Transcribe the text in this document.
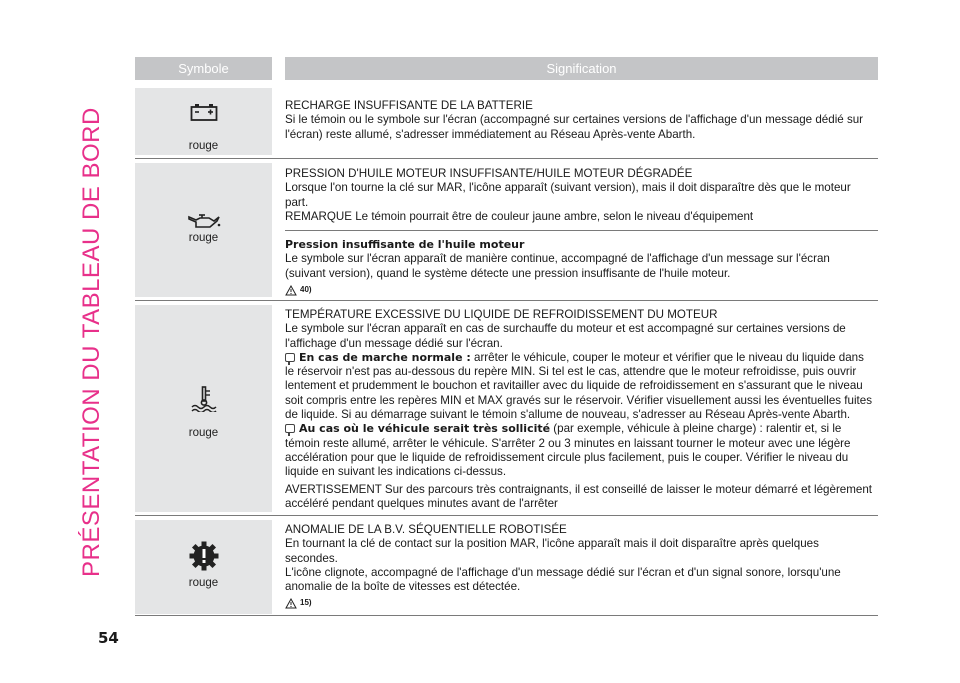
PRÉSENTATION DU TABLEAU DE BORD
Symbole	Signification
rouge

RECHARGE INSUFFISANTE DE LA BATTERIE

Si le témoin ou le symbole sur l'écran (accompagné sur certaines versions de l'affichage d'un message dédié sur

l'écran) reste allumé, s'adresser immédiatement au Réseau Après-vente Abarth.

rouge

PRESSION D'HUILE MOTEUR INSUFFISANTE/HUILE MOTEUR DÉGRADÉE

Lorsque l'on tourne la clé sur MAR, l'icône apparaît (suivant version), mais il doit disparaître dès que le moteur

part.

REMARQUE Le témoin pourrait être de couleur jaune ambre, selon le niveau d'équipement

Pression insuffisante de l'huile moteur

Le symbole sur l'écran apparaît de manière continue, accompagné de l'affichage d'un message sur l'écran

(suivant version), quand le système détecte une pression insuffisante de l'huile moteur.

40)
rouge

TEMPÉRATURE EXCESSIVE DU LIQUIDE DE REFROIDISSEMENT DU MOTEUR

Le symbole sur l'écran apparaît en cas de surchauffe du moteur et est accompagné sur certaines versions de

l'affichage d'un message dédié sur l'écran.

En cas de marche normale : arrêter le véhicule, couper le moteur et vérifier que le niveau du liquide dans

le réservoir n'est pas au-dessous du repère MIN. Si tel est le cas, attendre que le moteur refroidisse, puis ouvrir

lentement et prudemment le bouchon et ravitailler avec du liquide de refroidissement en s'assurant que le niveau

soit compris entre les repères MIN et MAX gravés sur le réservoir. Vérifier visuellement aussi les éventuelles fuites

de liquide. Si au démarrage suivant le témoin s'allume de nouveau, s'adresser au Réseau Après-vente Abarth.

Au cas où le véhicule serait très sollicité (par exemple, véhicule à pleine charge) : ralentir et, si le

témoin reste allumé, arrêter le véhicule. S'arrêter 2 ou 3 minutes en laissant tourner le moteur avec une légère

accélération pour que le liquide de refroidissement circule plus facilement, puis le couper. Vérifier le niveau du

liquide en suivant les indications ci-dessus.

AVERTISSEMENT Sur des parcours très contraignants, il est conseillé de laisser le moteur démarré et légèrement

accéléré pendant quelques minutes avant de l'arrêter

rouge

ANOMALIE DE LA B.V. SÉQUENTIELLE ROBOTISÉE

En tournant la clé de contact sur la position MAR, l'icône apparaît mais il doit disparaître après quelques

secondes.

L'icône clignote, accompagné de l'affichage d'un message dédié sur l'écran et d'un signal sonore, lorsqu'une

anomalie de la boîte de vitesses est détectée.

15)
54
